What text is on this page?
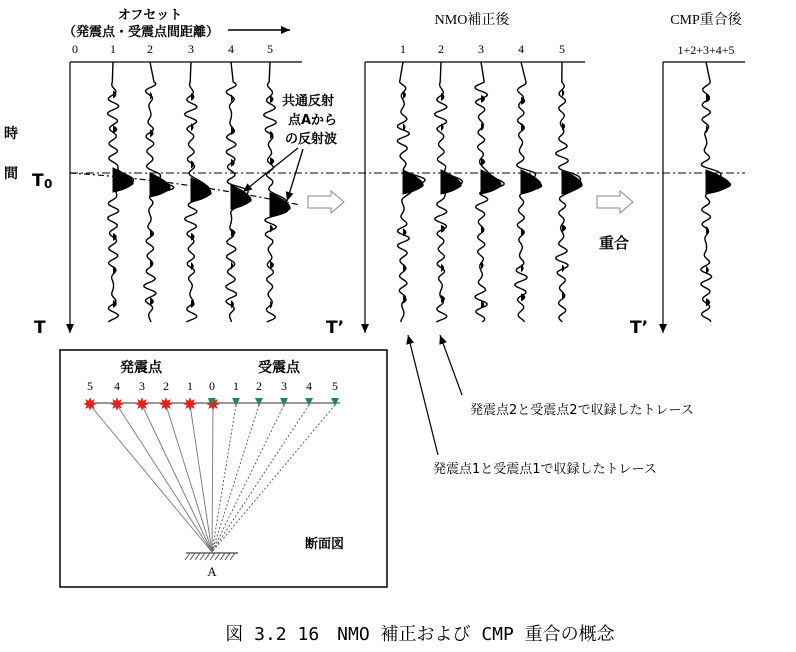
オフセット
（発震点・受震点間距離）
0	1	2	3	4	5
時
間 T 0
T
共通反射
点Aから
の反射波
NMO補正後
1	2	3	4	5
T’
重合
CMP重合後
1+2+3+4+5
T’
発震点2と受震点2で収録したトレース
発震点1と受震点1で収録したトレース
発震点	受震点
5 4 3 2 1 0 1 2 3 4 5
A
断面図
図 3.2 16　NMO 補正および CMP 重合の概念
